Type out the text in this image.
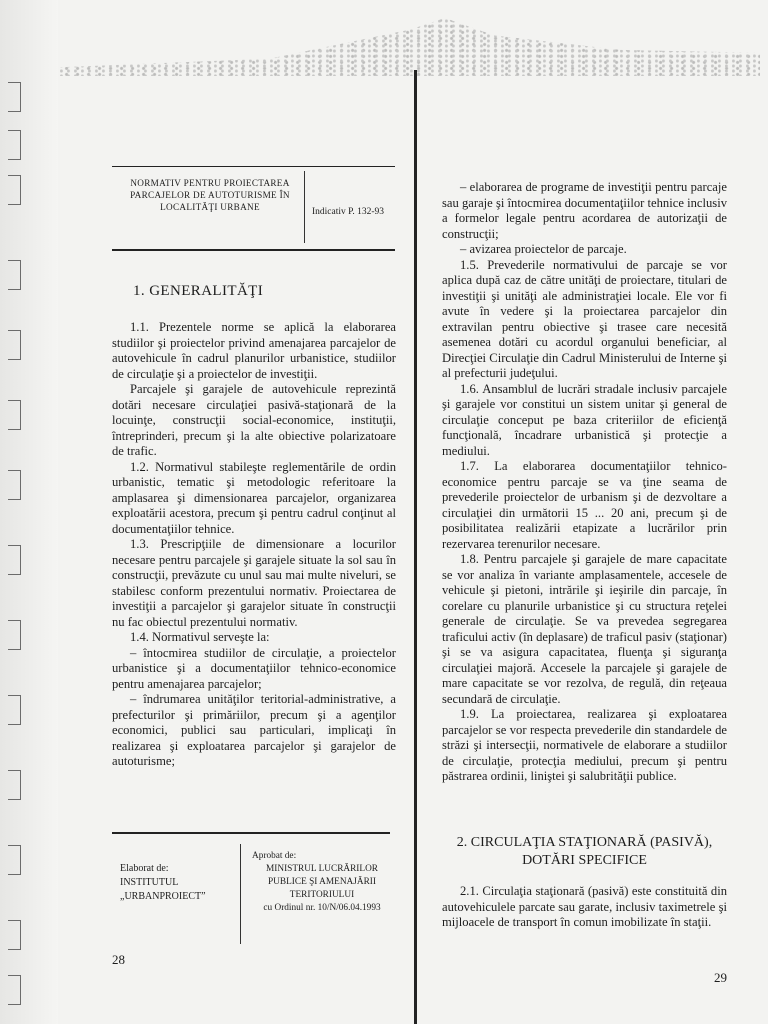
NORMATIV PENTRU PROIECTAREA PARCAJELOR DE AUTOTURISME ÎN LOCALITĂŢI URBANE	Indicativ P. 132-93
1. GENERALITĂŢI

1.1. Prezentele norme se aplică la elaborarea studiilor şi proiectelor privind amenajarea parcajelor de autovehicule în cadrul planurilor urbanistice, studiilor de circulaţie şi a proiectelor de investiţii.

Parcajele şi garajele de autovehicule reprezintă dotări necesare circulaţiei pasivă-staţionară de la locuinţe, construcţii social-economice, instituţii, întreprinderi, precum şi la alte obiective polarizatoare de trafic.

1.2. Normativul stabileşte reglementările de ordin urbanistic, tematic şi metodologic referitoare la amplasarea şi dimensionarea parcajelor, organizarea exploatării acestora, precum şi pentru cadrul conţinut al documentaţiilor tehnice.

1.3. Prescripţiile de dimensionare a locurilor necesare pentru parcajele şi garajele situate la sol sau în construcţii, prevăzute cu unul sau mai multe niveluri, se stabilesc conform prezentului normativ. Proiectarea de investiţii a parcajelor şi garajelor situate în construcţii nu fac obiectul prezentului normativ.

1.4. Normativul serveşte la:

– întocmirea studiilor de circulaţie, a proiectelor urbanistice şi a documentaţiilor tehnico-economice pentru amenajarea parcajelor;

– îndrumarea unităţilor teritorial-administrative, a prefecturilor şi primăriilor, precum şi a agenţilor economici, publici sau particulari, implicaţi în realizarea şi exploatarea parcajelor şi garajelor de autoturisme;

Elaborat de:
INSTITUTUL „URBANPROIECT”
Aprobat de:
MINISTRUL LUCRĂRILOR PUBLICE ŞI AMENAJĂRII TERITORIULUI
cu Ordinul nr. 10/N/06.04.1993
28

– elaborarea de programe de investiţii pentru parcaje sau garaje şi întocmirea documentaţiilor tehnice inclusiv a formelor legale pentru acordarea de autorizaţii de construcţii;

– avizarea proiectelor de parcaje.

1.5. Prevederile normativului de parcaje se vor aplica după caz de către unităţi de proiectare, titulari de investiţii şi unităţi ale administraţiei locale. Ele vor fi avute în vedere şi la proiectarea parcajelor din extravilan pentru obiective şi trasee care necesită asemenea dotări cu acordul organului beneficiar, al Direcţiei Circulaţie din Cadrul Ministerului de Interne şi al prefecturii judeţului.

1.6. Ansamblul de lucrări stradale inclusiv parcajele şi garajele vor constitui un sistem unitar şi general de circulaţie conceput pe baza criteriilor de eficienţă funcţională, încadrare urbanistică şi protecţie a mediului.

1.7. La elaborarea documentaţiilor tehnico-economice pentru parcaje se va ţine seama de prevederile proiectelor de urbanism şi de dezvoltare a circulaţiei din următorii 15 ... 20 ani, precum şi de posibilitatea realizării etapizate a lucrărilor prin rezervarea terenurilor necesare.

1.8. Pentru parcajele şi garajele de mare capacitate se vor analiza în variante amplasamentele, accesele de vehicule şi pietoni, intrările şi ieşirile din parcaje, în corelare cu planurile urbanistice şi cu structura reţelei generale de circulaţie. Se va prevedea segregarea traficului activ (în deplasare) de traficul pasiv (staţionar) şi se va asigura capacitatea, fluenţa şi siguranţa circulaţiei majoră. Accesele la parcajele şi garajele de mare capacitate se vor rezolva, de regulă, din reţeaua secundară de circulaţie.

1.9. La proiectarea, realizarea şi exploatarea parcajelor se vor respecta prevederile din standardele de străzi şi intersecţii, normativele de elaborare a studiilor de circulaţie, protecţia mediului, precum şi pentru păstrarea ordinii, liniştei şi salubrităţii publice.

2. CIRCULAŢIA STAŢIONARĂ (PASIVĂ), DOTĂRI SPECIFICE

2.1. Circulaţia staţionară (pasivă) este constituită din autovehiculele parcate sau garate, inclusiv taximetrele şi mijloacele de transport în comun imobilizate în staţii.

29
